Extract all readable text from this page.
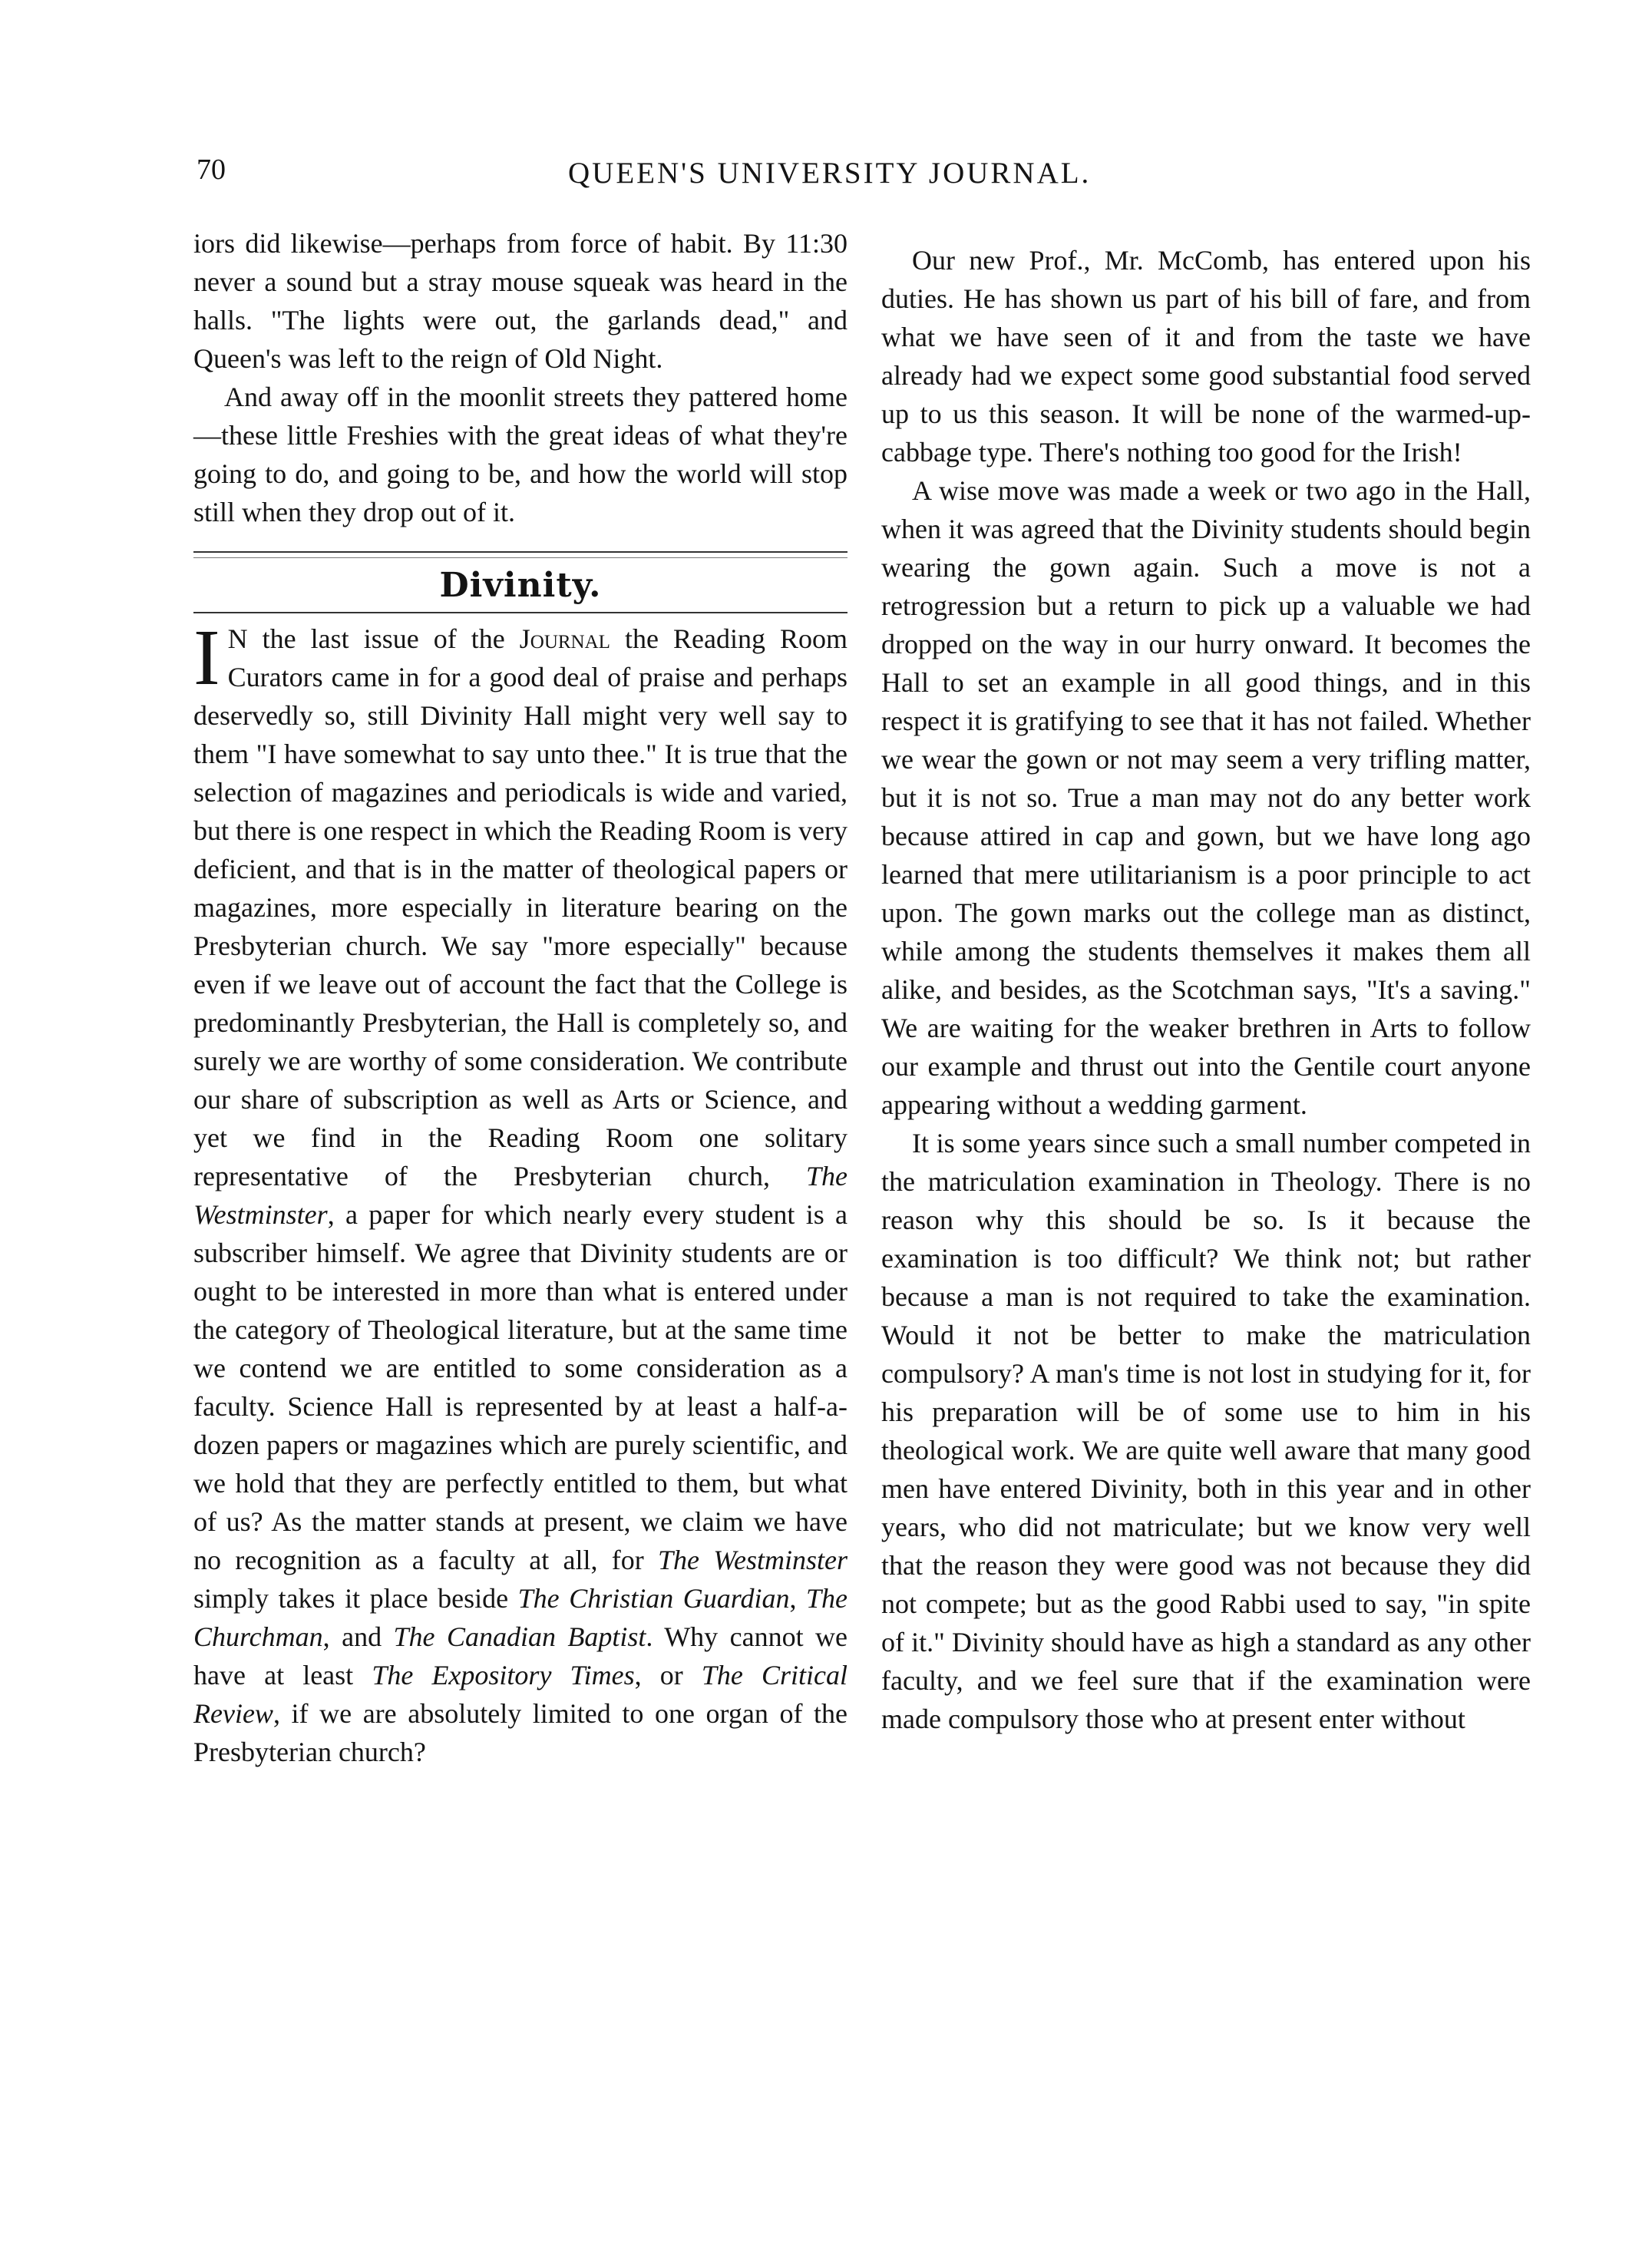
70	QUEEN'S UNIVERSITY JOURNAL.

iors did likewise—perhaps from force of habit. By 11:30 never a sound but a stray mouse squeak was heard in the halls. "The lights were out, the garlands dead," and Queen's was left to the reign of Old Night.

And away off in the moonlit streets they pattered home—these little Freshies with the great ideas of what they're going to do, and going to be, and how the world will stop still when they drop out of it.

Divinity.

I N the last issue of the Journal the Reading Room Curators came in for a good deal of praise and perhaps deservedly so, still Divinity Hall might very well say to them "I have somewhat to say unto thee." It is true that the selection of magazines and periodicals is wide and varied, but there is one respect in which the Reading Room is very deficient, and that is in the matter of theological papers or magazines, more especially in literature bearing on the Presbyterian church. We say "more especially" because even if we leave out of account the fact that the College is predominantly Presbyterian, the Hall is completely so, and surely we are worthy of some consideration. We contribute our share of subscription as well as Arts or Science, and yet we find in the Reading Room one solitary representative of the Presbyterian church, The Westminster, a paper for which nearly every student is a subscriber himself. We agree that Divinity students are or ought to be interested in more than what is entered under the category of Theological literature, but at the same time we contend we are entitled to some consideration as a faculty. Science Hall is represented by at least a half-a-dozen papers or magazines which are purely scientific, and we hold that they are perfectly entitled to them, but what of us? As the matter stands at present, we claim we have no recognition as a faculty at all, for The Westminster simply takes it place beside The Christian Guardian, The Churchman, and The Canadian Baptist. Why cannot we have at least The Expository Times, or The Critical Review, if we are absolutely limited to one organ of the Presbyterian church?

Our new Prof., Mr. McComb, has entered upon his duties. He has shown us part of his bill of fare, and from what we have seen of it and from the taste we have already had we expect some good substantial food served up to us this season. It will be none of the warmed-up-cabbage type. There's nothing too good for the Irish!

A wise move was made a week or two ago in the Hall, when it was agreed that the Divinity students should begin wearing the gown again. Such a move is not a retrogression but a return to pick up a valuable we had dropped on the way in our hurry onward. It becomes the Hall to set an example in all good things, and in this respect it is gratifying to see that it has not failed. Whether we wear the gown or not may seem a very trifling matter, but it is not so. True a man may not do any better work because attired in cap and gown, but we have long ago learned that mere utilitarianism is a poor principle to act upon. The gown marks out the college man as distinct, while among the students themselves it makes them all alike, and besides, as the Scotchman says, "It's a saving." We are waiting for the weaker brethren in Arts to follow our example and thrust out into the Gentile court anyone appearing without a wedding garment.

It is some years since such a small number competed in the matriculation examination in Theology. There is no reason why this should be so. Is it because the examination is too difficult? We think not; but rather because a man is not required to take the examination. Would it not be better to make the matriculation compulsory? A man's time is not lost in studying for it, for his preparation will be of some use to him in his theological work. We are quite well aware that many good men have entered Divinity, both in this year and in other years, who did not matriculate; but we know very well that the reason they were good was not because they did not compete; but as the good Rabbi used to say, "in spite of it." Divinity should have as high a standard as any other faculty, and we feel sure that if the examination were made compulsory those who at present enter without
